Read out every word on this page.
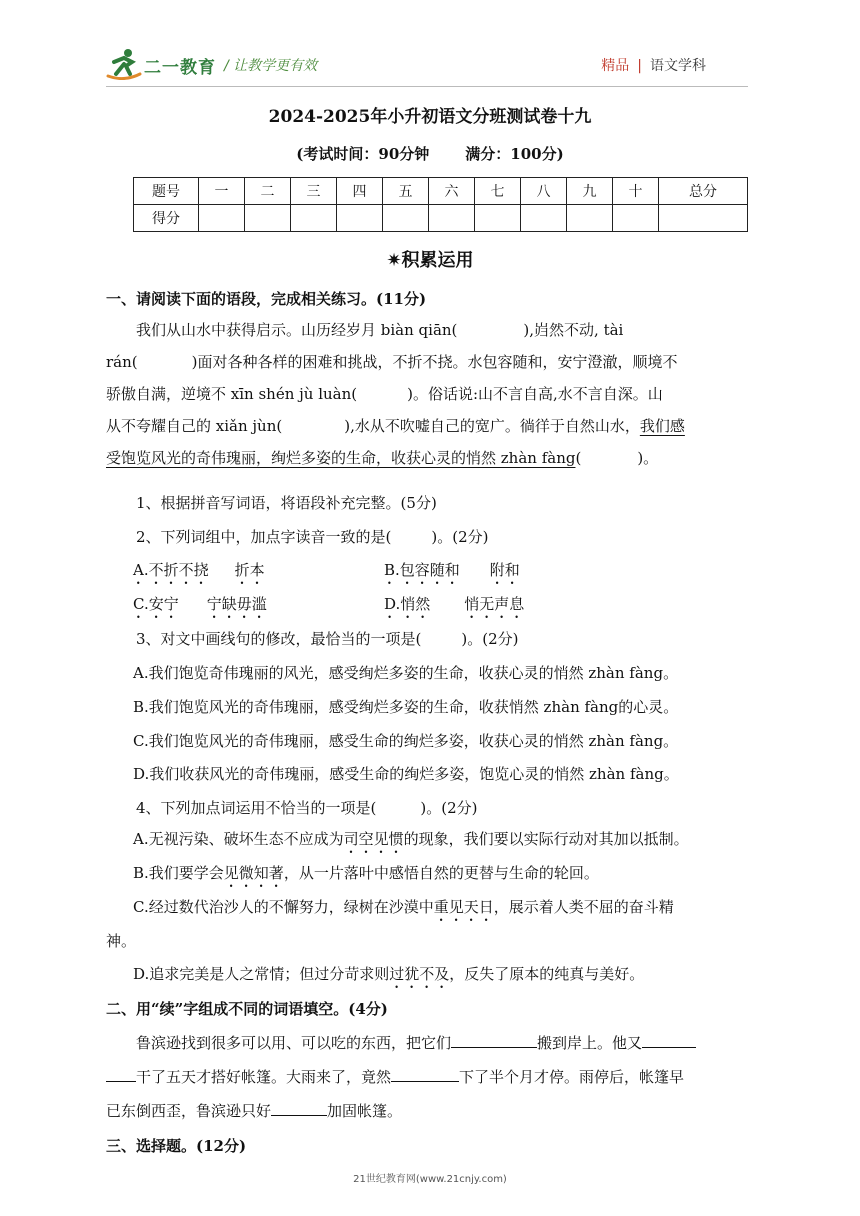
二一教育 / 让教学更有效	精品 | 语文学科
2024-2025年小升初语文分班测试卷十九
(考试时间：90分钟 满分：100分)
题号	一	二	三	四	五	六	七	八	九	十	总分
得分											
✷积累运用
一、请阅读下面的语段，完成相关练习。(11分)
我们从山水中获得启示。山历经岁月 biàn qiān(	),岿然不动, tài
rán(	)面对各种各样的困难和挑战，不折不挠。水包容随和，安宁澄澈，顺境不
骄傲自满，逆境不 xīn shén jù luàn(	)。俗话说:山不言自高,水不言自深。山
从不夸耀自己的 xiǎn jùn(	),水从不吹嘘自己的宽广。徜徉于自然山水，我们感
受饱览风光的奇伟瑰丽，绚烂多姿的生命，收获心灵的悄然 zhàn fàng(	)。
1、根据拼音写词语，将语段补充完整。(5分)
2、下列词组中，加点字读音一致的是(	)。(2分)
A.不折不挠 折本	B.包容随和 附和
C.安宁 宁缺毋滥	D.悄然 悄无声息
3、对文中画线句的修改，最恰当的一项是(	)。(2分)
A.我们饱览奇伟瑰丽的风光，感受绚烂多姿的生命，收获心灵的悄然 zhàn fàng。
B.我们饱览风光的奇伟瑰丽，感受绚烂多姿的生命，收获悄然 zhàn fàng的心灵。
C.我们饱览风光的奇伟瑰丽，感受生命的绚烂多姿，收获心灵的悄然 zhàn fàng。
D.我们收获风光的奇伟瑰丽，感受生命的绚烂多姿，饱览心灵的悄然 zhàn fàng。
4、下列加点词运用不恰当的一项是(	)。(2分)
A.无视污染、破坏生态不应成为司空见惯的现象，我们要以实际行动对其加以抵制。
B.我们要学会见微知著，从一片落叶中感悟自然的更替与生命的轮回。
C.经过数代治沙人的不懈努力，绿树在沙漠中重见天日，展示着人类不屈的奋斗精
神。
D.追求完美是人之常情；但过分苛求则过犹不及，反失了原本的纯真与美好。
二、用“续”字组成不同的词语填空。(4分)
鲁滨逊找到很多可以用、可以吃的东西，把它们	搬到岸上。他又
干了五天才搭好帐篷。大雨来了，竟然	下了半个月才停。雨停后，帐篷早
已东倒西歪，鲁滨逊只好	加固帐篷。
三、选择题。(12分)
21世纪教育网(www.21cnjy.com)
